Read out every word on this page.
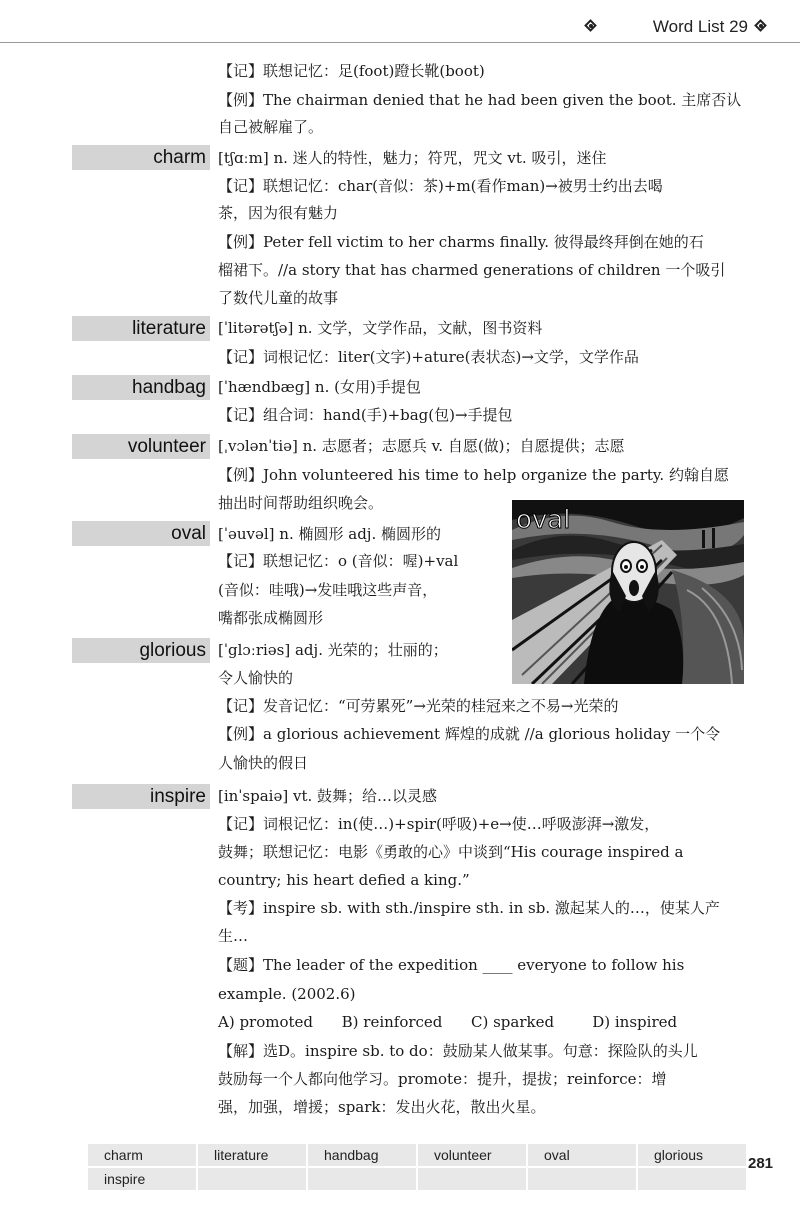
Word List 29
【记】联想记忆：足(foot)蹬长靴(boot)
【例】The chairman denied that he had been given the boot. 主席否认
自己被解雇了。
charm [tʃɑːm] n. 迷人的特性，魅力；符咒，咒文 vt. 吸引，迷住
【记】联想记忆：char(音似：茶)+m(看作man)→被男士约出去喝
茶，因为很有魅力
【例】Peter fell victim to her charms finally. 彼得最终拜倒在她的石
榴裙下。//a story that has charmed generations of children 一个吸引
了数代儿童的故事
literature [ˈlitərətʃə] n. 文学，文学作品，文献，图书资料
【记】词根记忆：liter(文字)+ature(表状态)→文学，文学作品
handbag [ˈhændbæg] n. (女用)手提包
【记】组合词：hand(手)+bag(包)→手提包
volunteer [ˌvɔlənˈtiə] n. 志愿者；志愿兵 v. 自愿(做)；自愿提供；志愿
【例】John volunteered his time to help organize the party. 约翰自愿
抽出时间帮助组织晚会。
oval [ˈəuvəl] n. 椭圆形 adj. 椭圆形的
【记】联想记忆：o (音似：喔)+val
(音似：哇哦)→发哇哦这些声音，
嘴都张成椭圆形
oval
glorious [ˈglɔːriəs] adj. 光荣的；壮丽的；
令人愉快的
【记】发音记忆：“可劳累死”→光荣的桂冠来之不易→光荣的
【例】a glorious achievement 辉煌的成就 //a glorious holiday 一个令
人愉快的假日
inspire [inˈspaiə] vt. 鼓舞；给…以灵感
【记】词根记忆：in(使…)+spir(呼吸)+e→使…呼吸澎湃→激发，
鼓舞；联想记忆：电影《勇敢的心》中谈到“His courage inspired a
country; his heart defied a king.”
【考】inspire sb. with sth./inspire sth. in sb. 激起某人的…，使某人产
生…
【题】The leader of the expedition ____ everyone to follow his
example. (2002.6)
A) promoted      B) reinforced      C) sparked        D) inspired
【解】选D。inspire sb. to do：鼓励某人做某事。句意：探险队的头儿
鼓励每一个人都向他学习。promote：提升，提拔；reinforce：增
强，加强，增援；spark：发出火花，散出火星。
charm	literature	handbag	volunteer	oval	glorious
inspire
281
